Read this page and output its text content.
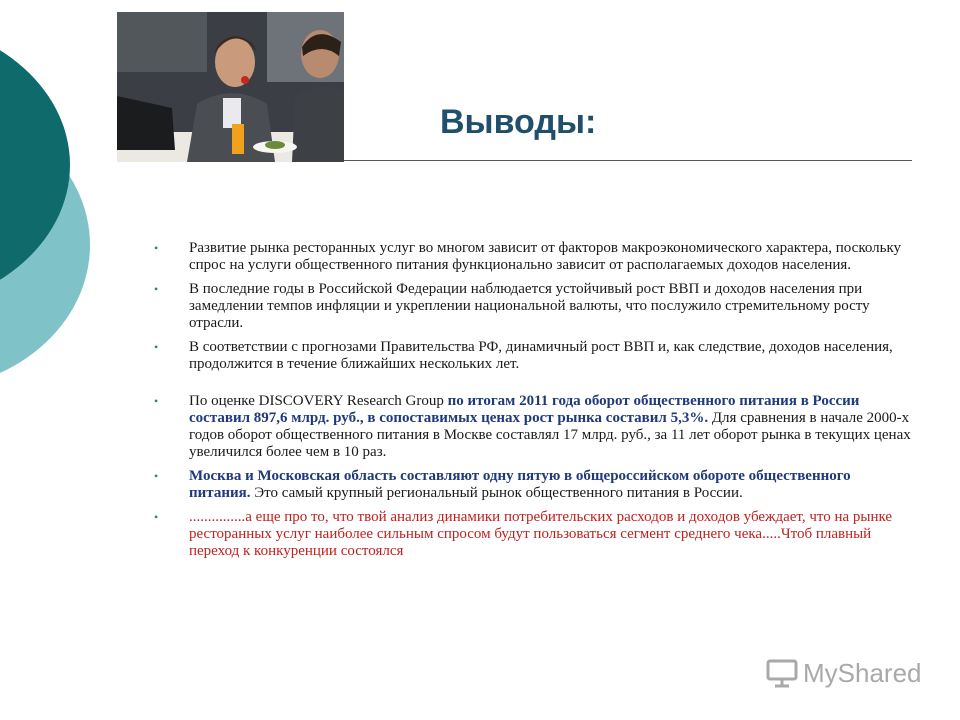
Выводы:
• Развитие рынка ресторанных услуг во многом зависит от факторов макроэкономического характера, поскольку спрос на услуги общественного питания функционально зависит от располагаемых доходов населения.
• В последние годы в Российской Федерации наблюдается устойчивый рост ВВП и доходов населения при замедлении темпов инфляции и укреплении национальной валюты, что послужило стремительному росту отрасли.
• В соответствии с прогнозами Правительства РФ, динамичный рост ВВП и, как следствие, доходов населения, продолжится в течение ближайших нескольких лет.
• По оценке DISCOVERY Research Group по итогам 2011 года оборот общественного питания в России составил 897,6 млрд. руб., в сопоставимых ценах рост рынка составил 5,3%. Для сравнения в начале 2000-х годов оборот общественного питания в Москве составлял 17 млрд. руб., за 11 лет оборот рынка в текущих ценах увеличился более чем в 10 раз.
• Москва и Московская область составляют одну пятую в общероссийском обороте общественного питания. Это самый крупный региональный рынок общественного питания в России.
• ...............а еще про то, что твой анализ динамики потребительских расходов и доходов убеждает, что на рынке ресторанных услуг наиболее сильным спросом будут пользоваться сегмент среднего чека.....Чтоб плавный переход к конкуренции состоялся
MyShared
